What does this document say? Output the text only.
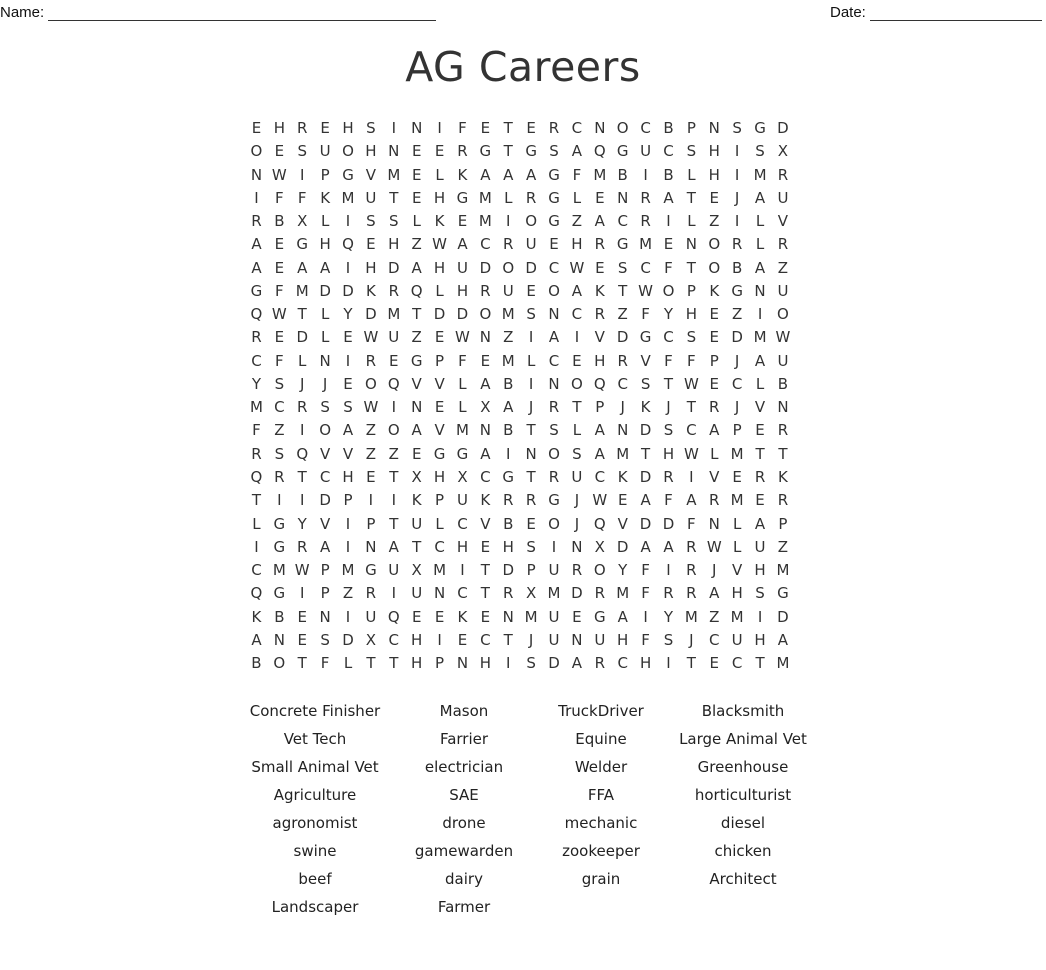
Name:	Date:
AG Careers
E H R E H S	I	N	I	F E T E R C N O C B P N S G D
O E S U O H N E E R G T G S A Q G U C S H	I	S X
N W I	P G V M E L K A A A G F M B	I	B L H	I M R
I	F F K M U T E H G M L R G L E N R A T E	J	A U
R B X L	I	S S L K E M I O G Z A C R	I	L Z	I	L V
A E G H Q E H Z W A C R U E H R G M E N O R L R
A E A A	I	H D A H U D O D C W E S C F T O B A Z
G F M D D K R Q L H R U E O A K T W O P K G N U
Q W T L Y D M T D D O M S N C R Z F Y H E Z	I O
R E D L E W U Z E W N Z	I	A	I	V D G C S E D M W
C F L N	I	R E G P F E M L C E H R V F F P	J	A U
Y S	J	J	E O Q V V L A B	I	N O Q C S T W E C L B
M C R S S W I	N E L X A	J	R T P	J	K	J	T R	J	V N
F Z	I O A Z O A V M N B T S L A N D S C A P E R
R S Q V V Z Z E G G A	I	N O S A M T H W L M T T
Q R T C H E T X H X C G T R U C K D R	I	V E R K
T	I	I D P	I	I	K P U K R R G J W E A F A R M E R
L G Y V	I	P T U L C V B E O J Q V D D F N L A P
I G R A	I	N A T C H E H S	I	N X D A A R W L U Z
C M W P M G U X M I	T D P U R O Y F	I	R	J	V H M
Q G I	P Z R	I	U N C T R X M D R M F R R A H S G
K B E N	I	U Q E E K E N M U E G A	I	Y M Z M I D
A N E S D X C H	I	E C T	J	U N U H F S	J	C U H A
B O T F L T T H P N H	I	S D A R C H	I	T E C T M
Concrete Finisher	Mason	TruckDriver	Blacksmith
Vet Tech	Farrier	Equine	Large Animal Vet
Small Animal Vet	electrician	Welder	Greenhouse
Agriculture	SAE	FFA	horticulturist
agronomist	drone	mechanic	diesel
swine	gamewarden	zookeeper	chicken
beef	dairy	grain	Architect
Landscaper	Farmer
